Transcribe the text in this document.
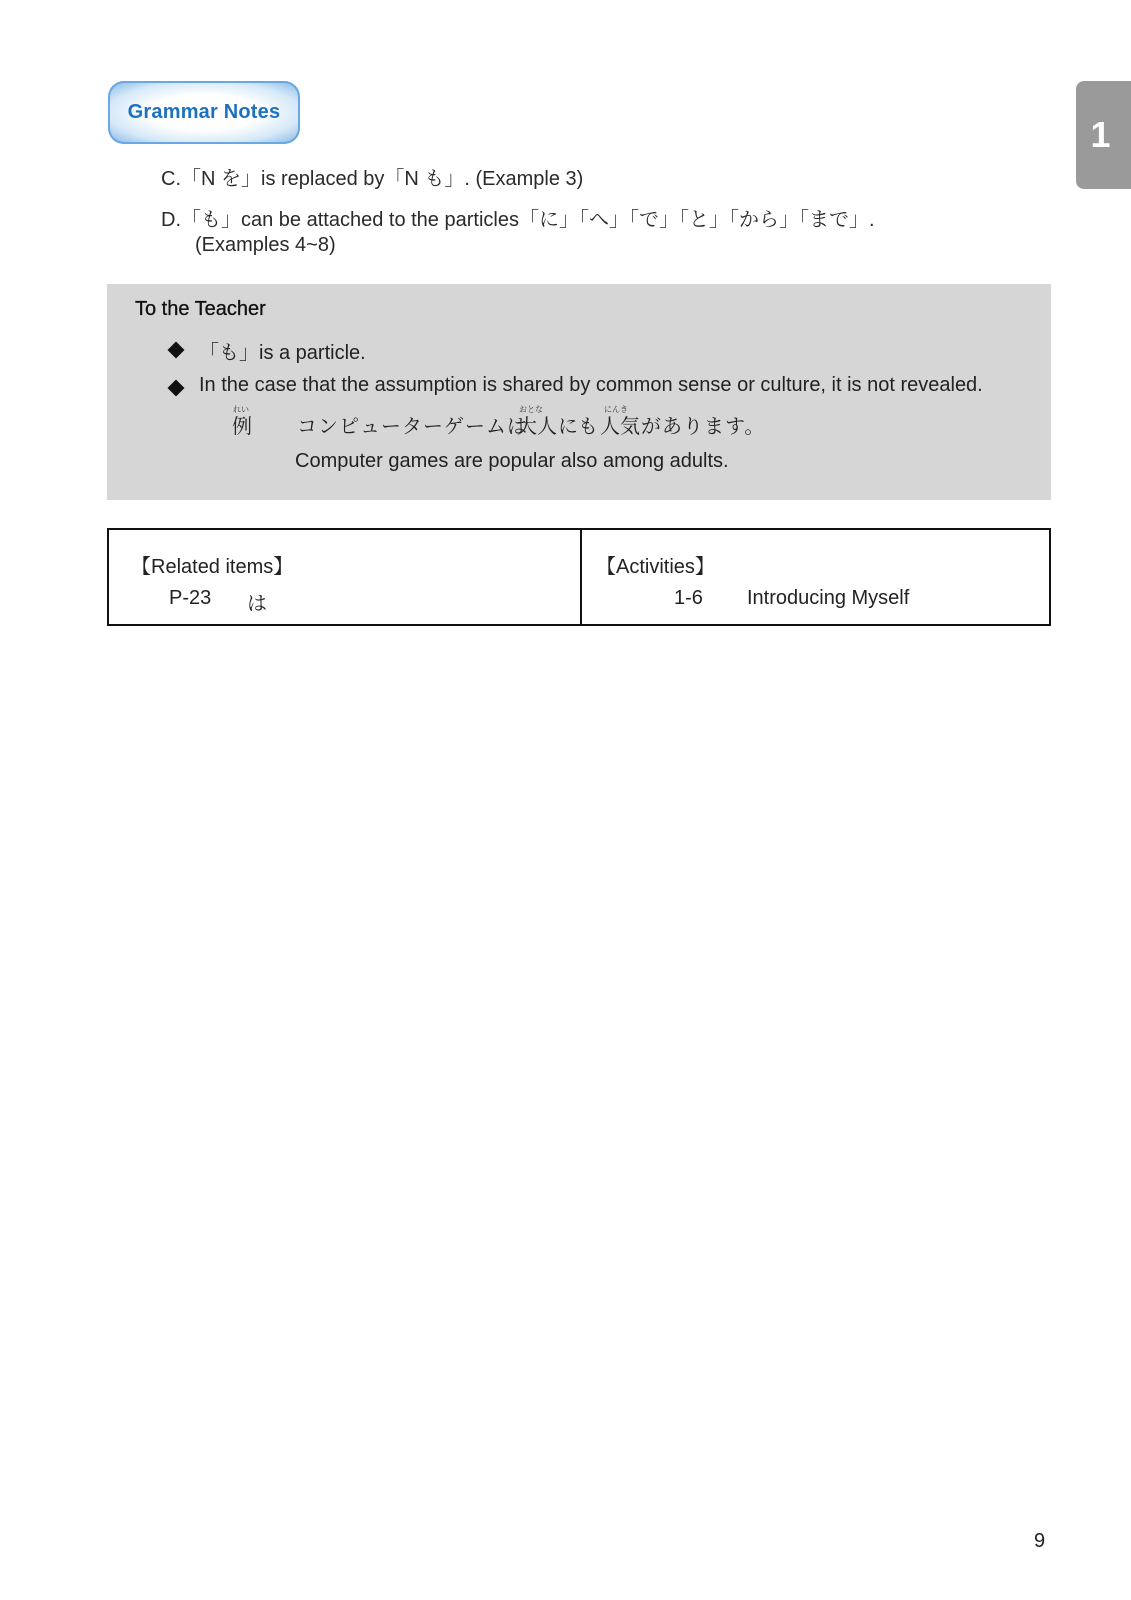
1
Grammar Notes
C.「N を」is replaced by「N も」. (Example 3)
D.「も」can be attached to the particles「に」「へ」「で」「と」「から」「まで」.
(Examples 4~8)
To the Teacher
「も」is a particle.
In the case that the assumption is shared by common sense or culture, it is not revealed.
れい
例 コンピューターゲームは
おとな
大人 にも
にんき
人気 があります。
Computer games are popular also among adults.
【Related items】
P-23 は
【Activities】
1-6 Introducing Myself
9
